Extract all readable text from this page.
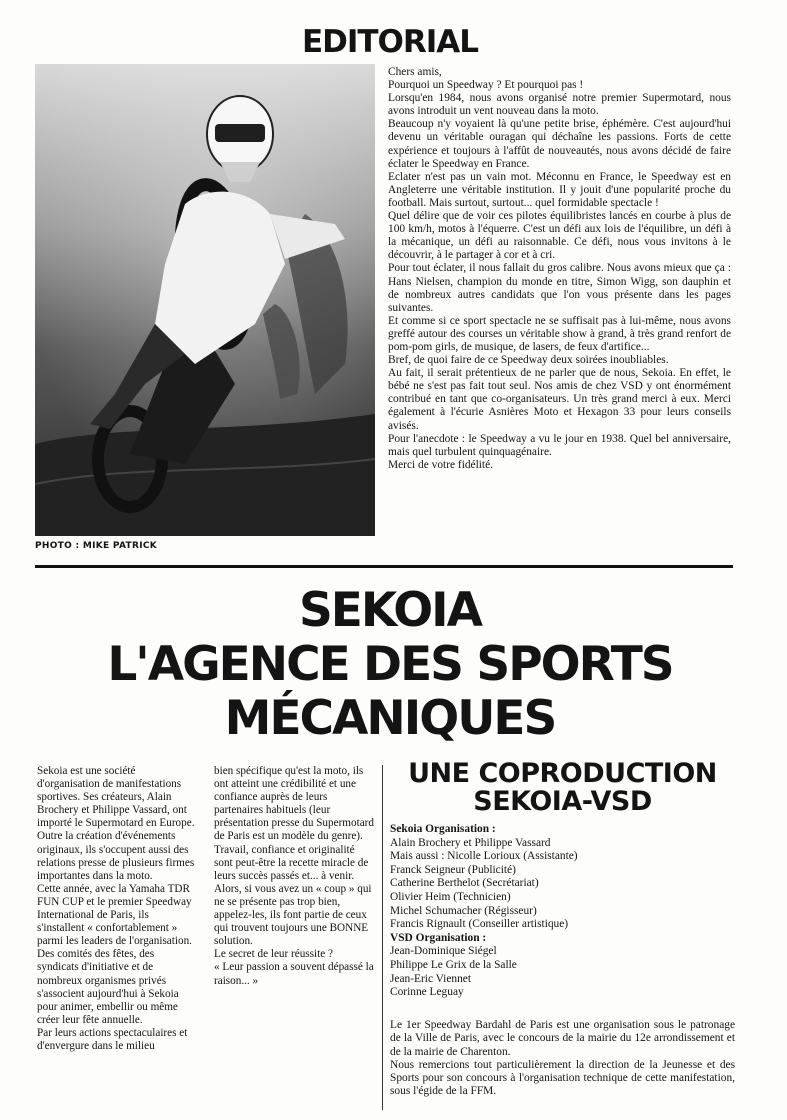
EDITORIAL
PHOTO : MIKE PATRICK

Chers amis,

Pourquoi un Speedway ? Et pourquoi pas !

Lorsqu'en 1984, nous avons organisé notre premier Supermotard, nous avons introduit un vent nouveau dans la moto.

Beaucoup n'y voyaient là qu'une petite brise, éphémère. C'est aujourd'hui devenu un véritable ouragan qui déchaîne les passions. Forts de cette expérience et toujours à l'affût de nouveautés, nous avons décidé de faire éclater le Speedway en France.

Eclater n'est pas un vain mot. Méconnu en France, le Speedway est en Angleterre une véritable institution. Il y jouit d'une popularité proche du football. Mais surtout, surtout... quel formidable spectacle !

Quel délire que de voir ces pilotes équilibristes lancés en courbe à plus de 100 km/h, motos à l'équerre. C'est un défi aux lois de l'équilibre, un défi à la mécanique, un défi au raisonnable. Ce défi, nous vous invitons à le découvrir, à le partager à cor et à cri.

Pour tout éclater, il nous fallait du gros calibre. Nous avons mieux que ça : Hans Nielsen, champion du monde en titre, Simon Wigg, son dauphin et de nombreux autres candidats que l'on vous présente dans les pages suivantes.

Et comme si ce sport spectacle ne se suffisait pas à lui-même, nous avons greffé autour des courses un véritable show à grand, à très grand renfort de pom-pom girls, de musique, de lasers, de feux d'artifice...

Bref, de quoi faire de ce Speedway deux soirées inoubliables.

Au fait, il serait prétentieux de ne parler que de nous, Sekoia. En effet, le bébé ne s'est pas fait tout seul. Nos amis de chez VSD y ont énormément contribué en tant que co-organisateurs. Un très grand merci à eux. Merci également à l'écurie Asnières Moto et Hexagon 33 pour leurs conseils avisés.

Pour l'anecdote : le Speedway a vu le jour en 1938. Quel bel anniversaire, mais quel turbulent quinquagénaire.

Merci de votre fidélité.

SEKOIA
L'AGENCE DES SPORTS
MÉCANIQUES

Sekoia est une société d'organisation de manifestations sportives. Ses créateurs, Alain Brochery et Philippe Vassard, ont importé le Supermotard en Europe. Outre la création d'événements originaux, ils s'occupent aussi des relations presse de plusieurs firmes importantes dans la moto.

Cette année, avec la Yamaha TDR FUN CUP et le premier Speedway International de Paris, ils s'installent « confortablement » parmi les leaders de l'organisation.

Des comités des fêtes, des syndicats d'initiative et de nombreux organismes privés s'associent aujourd'hui à Sekoia pour animer, embellir ou même créer leur fête annuelle.

Par leurs actions spectaculaires et d'envergure dans le milieu

bien spécifique qu'est la moto, ils ont atteint une crédibilité et une confiance auprès de leurs partenaires habituels (leur présentation presse du Supermotard de Paris est un modèle du genre).

Travail, confiance et originalité sont peut-être la recette miracle de leurs succès passés et... à venir. Alors, si vous avez un « coup » qui ne se présente pas trop bien, appelez-les, ils font partie de ceux qui trouvent toujours une BONNE solution.

Le secret de leur réussite ?

« Leur passion a souvent dépassé la raison... »

UNE COPRODUCTION
SEKOIA-VSD
Sekoia Organisation :
Alain Brochery et Philippe Vassard
Mais aussi : Nicolle Lorioux (Assistante)
Franck Seigneur (Publicité)
Catherine Berthelot (Secrétariat)
Olivier Heim (Technicien)
Michel Schumacher (Régisseur)
Francis Rignault (Conseiller artistique)
VSD Organisation :
Jean-Dominique Siégel
Philippe Le Grix de la Salle
Jean-Eric Viennet
Corinne Leguay

Le 1er Speedway Bardahl de Paris est une organisation sous le patronage de la Ville de Paris, avec le concours de la mairie du 12e arrondissement et de la mairie de Charenton.

Nous remercions tout particulièrement la direction de la Jeunesse et des Sports pour son concours à l'organisation technique de cette manifestation, sous l'égide de la FFM.
